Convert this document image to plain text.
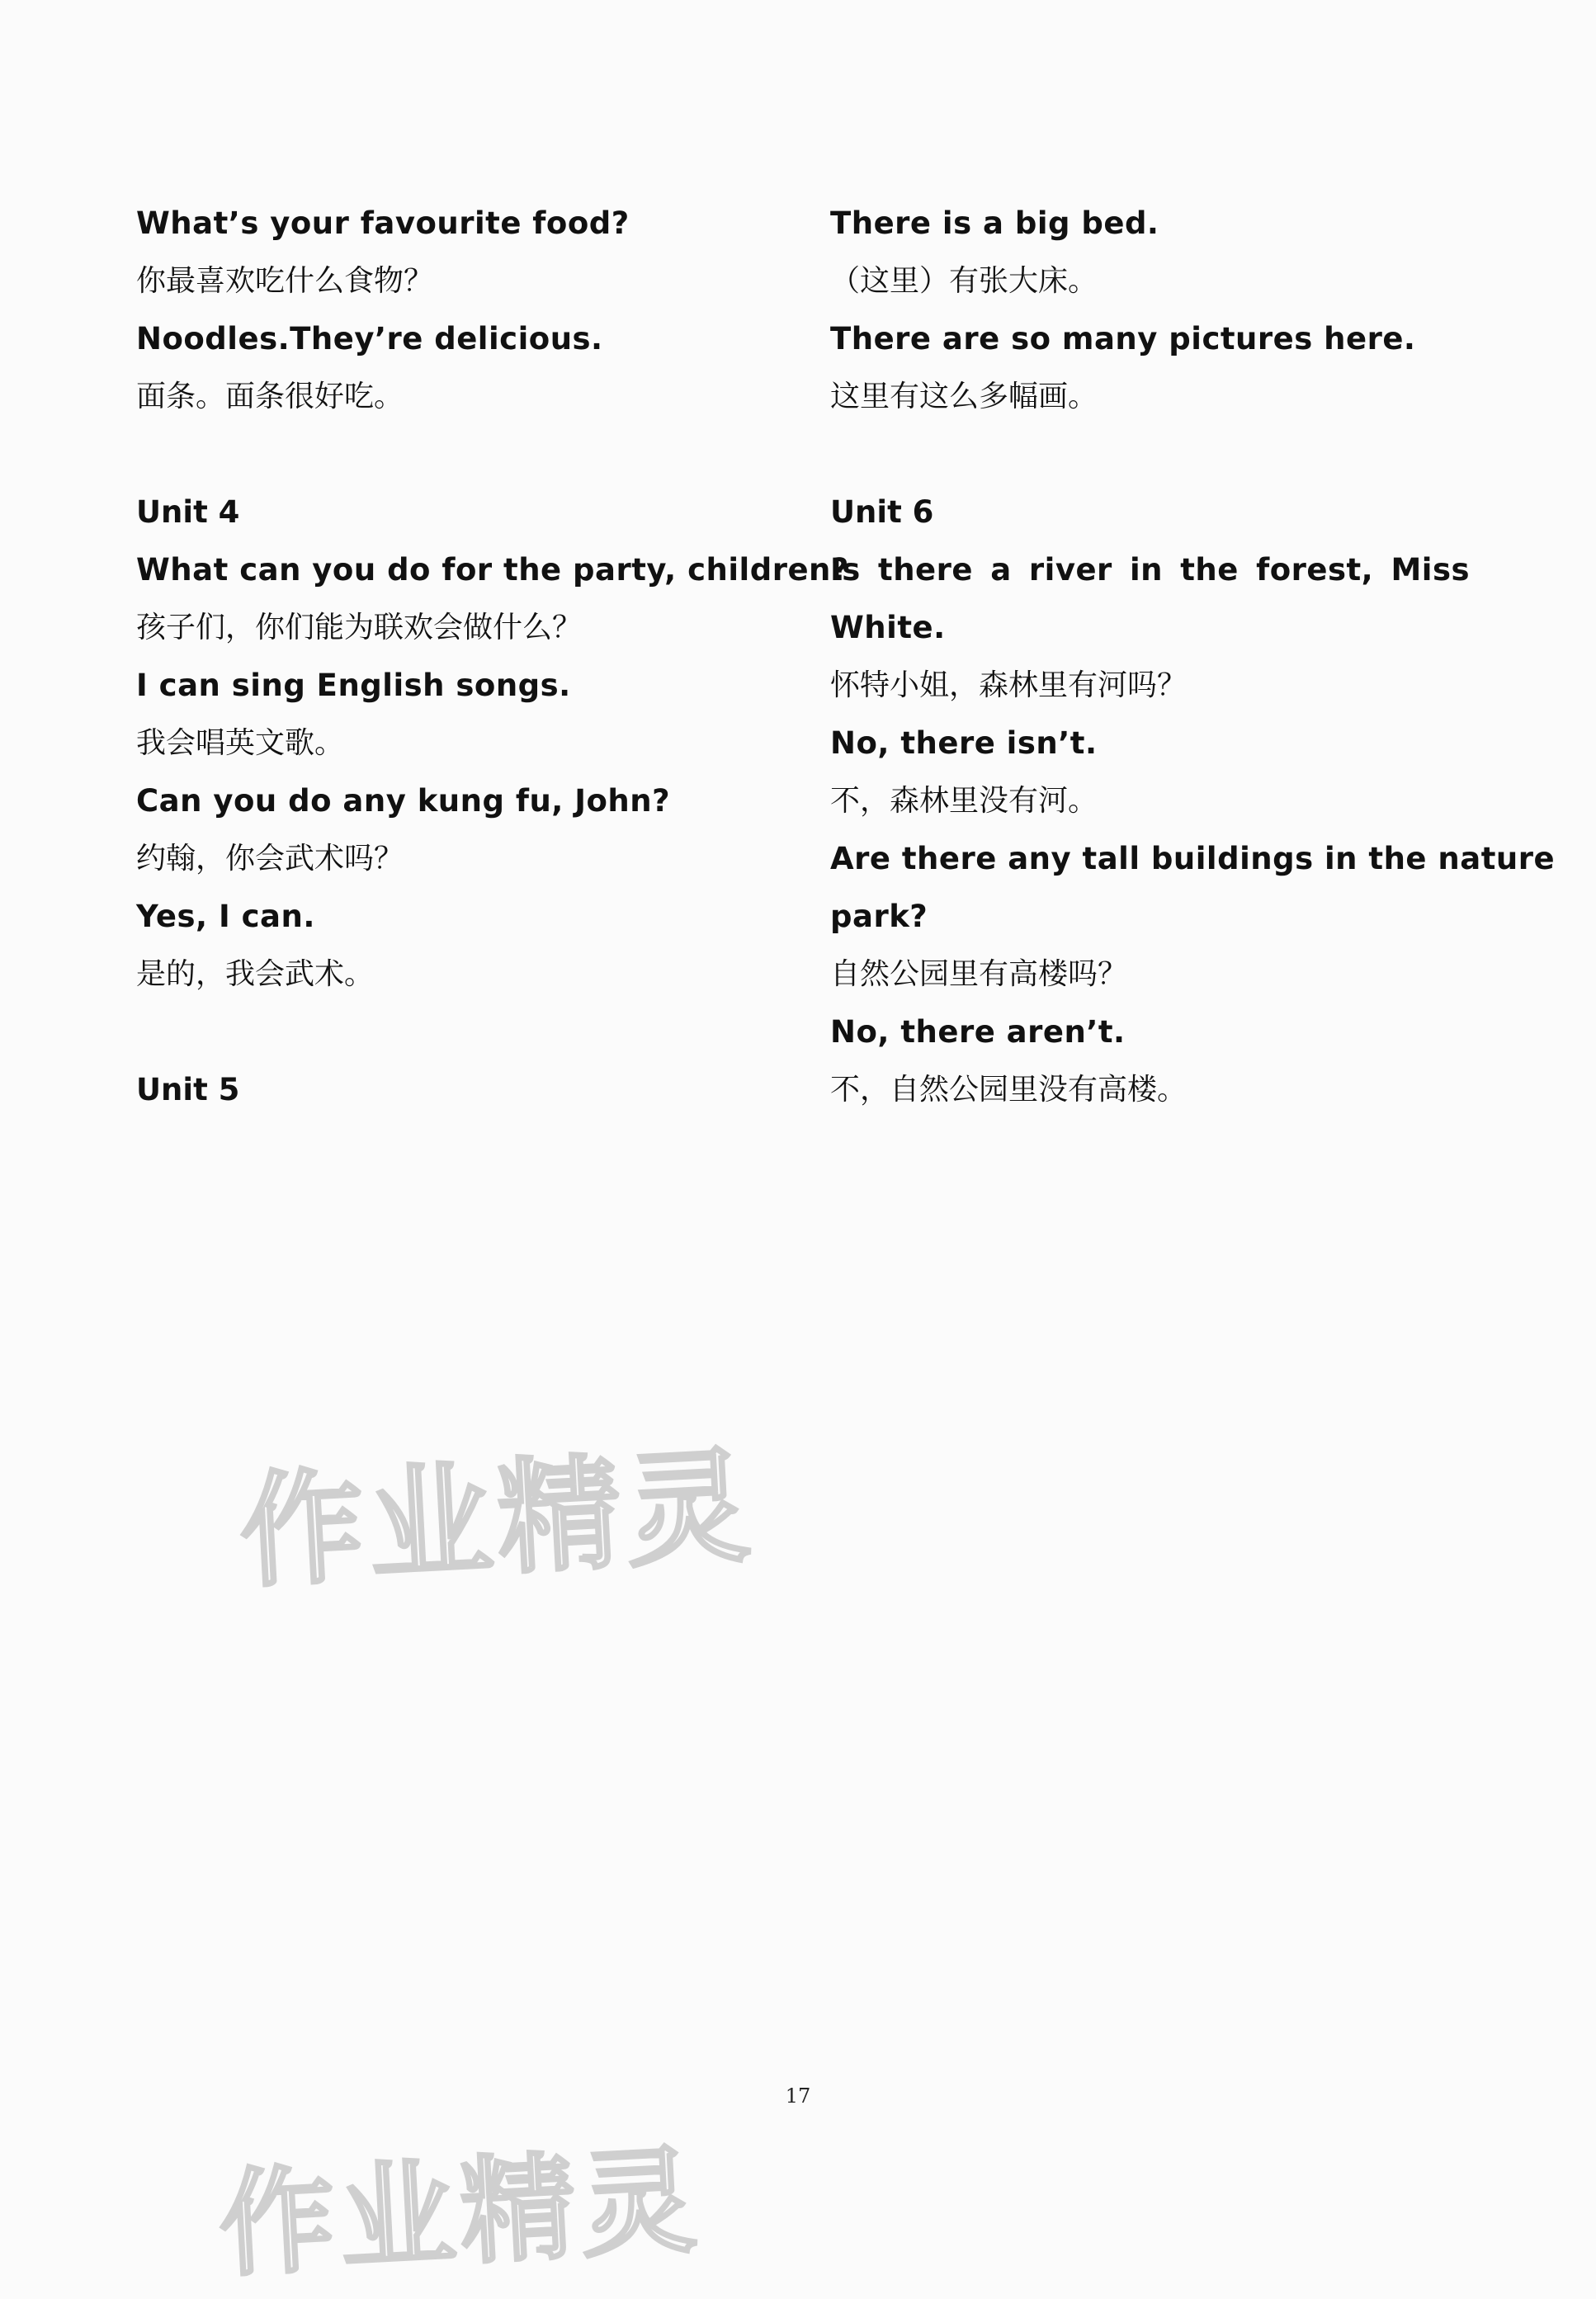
What’s your favourite food?
你最喜欢吃什么食物？
Noodles.They’re delicious.
面条。面条很好吃。
Unit 4
What can you do for the party, children?
孩子们，你们能为联欢会做什么？
I can sing English songs.
我会唱英文歌。
Can you do any kung fu, John?
约翰，你会武术吗？
Yes, I can.
是的，我会武术。
Unit 5
There is a big bed.
（这里）有张大床。
There are so many pictures here.
这里有这么多幅画。
Unit 6
Is there a river in the forest, Miss
White.
怀特小姐，森林里有河吗？
No, there isn’t.
不，森林里没有河。
Are there any tall buildings in the nature
park?
自然公园里有高楼吗？
No, there aren’t.
不，自然公园里没有高楼。
作业精灵
作业精灵
17
